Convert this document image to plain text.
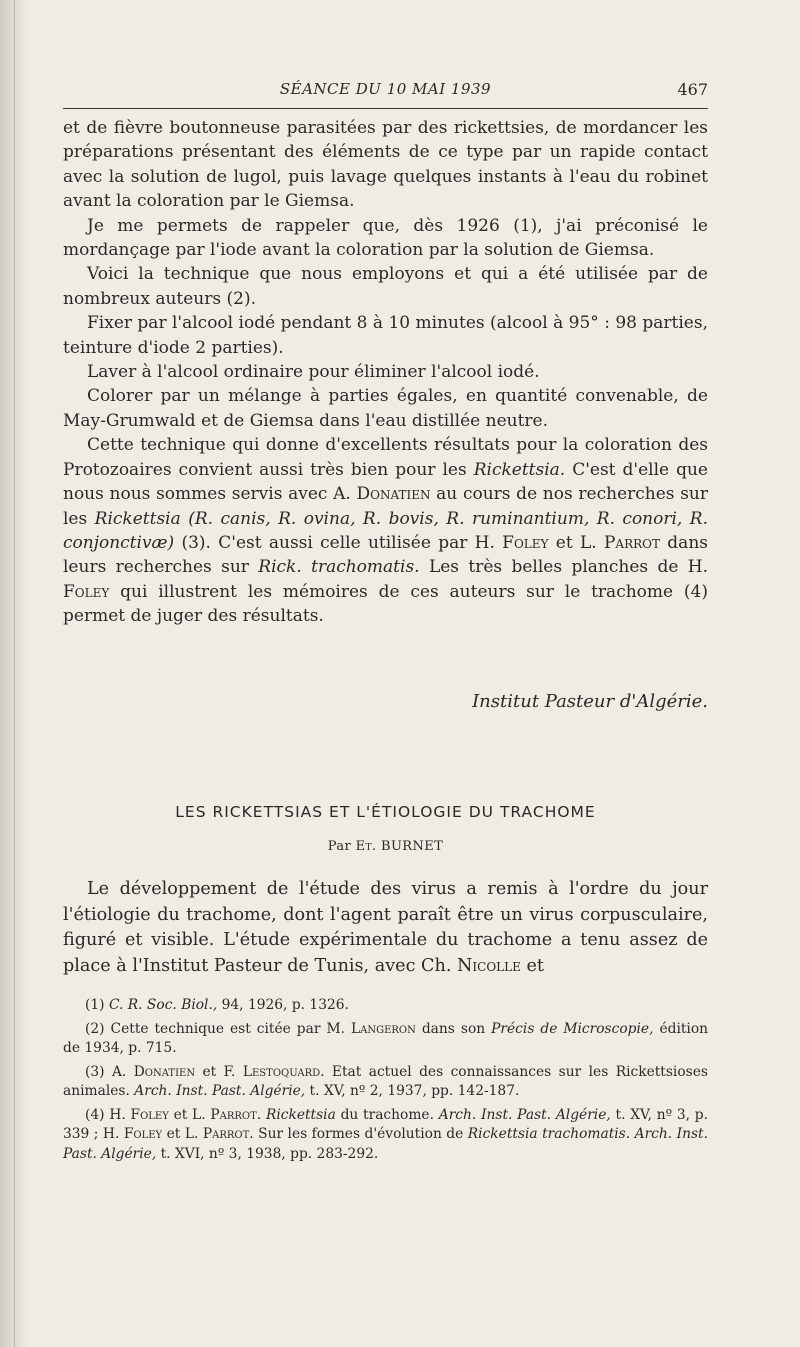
SÉANCE DU 10 MAI 1939	467

et de fièvre boutonneuse parasitées par des rickettsies, de mordancer les préparations présentant des éléments de ce type par un rapide contact avec la solution de lugol, puis lavage quelques instants à l'eau du robinet avant la coloration par le Giemsa.

Je me permets de rappeler que, dès 1926 (1), j'ai préconisé le mordançage par l'iode avant la coloration par la solution de Giemsa.

Voici la technique que nous employons et qui a été utilisée par de nombreux auteurs (2).

Fixer par l'alcool iodé pendant 8 à 10 minutes (alcool à 95° : 98 parties, teinture d'iode 2 parties).

Laver à l'alcool ordinaire pour éliminer l'alcool iodé.

Colorer par un mélange à parties égales, en quantité convenable, de May-Grumwald et de Giemsa dans l'eau distillée neutre.

Cette technique qui donne d'excellents résultats pour la coloration des Protozoaires convient aussi très bien pour les Rickettsia. C'est d'elle que nous nous sommes servis avec A. Donatien au cours de nos recherches sur les Rickettsia (R. canis, R. ovina, R. bovis, R. ruminantium, R. conori, R. conjonctivæ) (3). C'est aussi celle utilisée par H. Foley et L. Parrot dans leurs recherches sur Rick. trachomatis. Les très belles planches de H. Foley qui illustrent les mémoires de ces auteurs sur le trachome (4) permet de juger des résultats.

Institut Pasteur d'Algérie.
LES RICKETTSIAS ET L'ÉTIOLOGIE DU TRACHOME
Par Et. BURNET

Le développement de l'étude des virus a remis à l'ordre du jour l'étiologie du trachome, dont l'agent paraît être un virus corpusculaire, figuré et visible. L'étude expérimentale du trachome a tenu assez de place à l'Institut Pasteur de Tunis, avec Ch. Nicolle et

(1) C. R. Soc. Biol., 94, 1926, p. 1326.

(2) Cette technique est citée par M. Langeron dans son Précis de Microscopie, édition de 1934, p. 715.

(3) A. Donatien et F. Lestoquard. Etat actuel des connaissances sur les Rickettsioses animales. Arch. Inst. Past. Algérie, t. XV, nº 2, 1937, pp. 142-187.

(4) H. Foley et L. Parrot. Rickettsia du trachome. Arch. Inst. Past. Algérie, t. XV, nº 3, p. 339 ; H. Foley et L. Parrot. Sur les formes d'évolution de Rickettsia trachomatis. Arch. Inst. Past. Algérie, t. XVI, nº 3, 1938, pp. 283-292.
